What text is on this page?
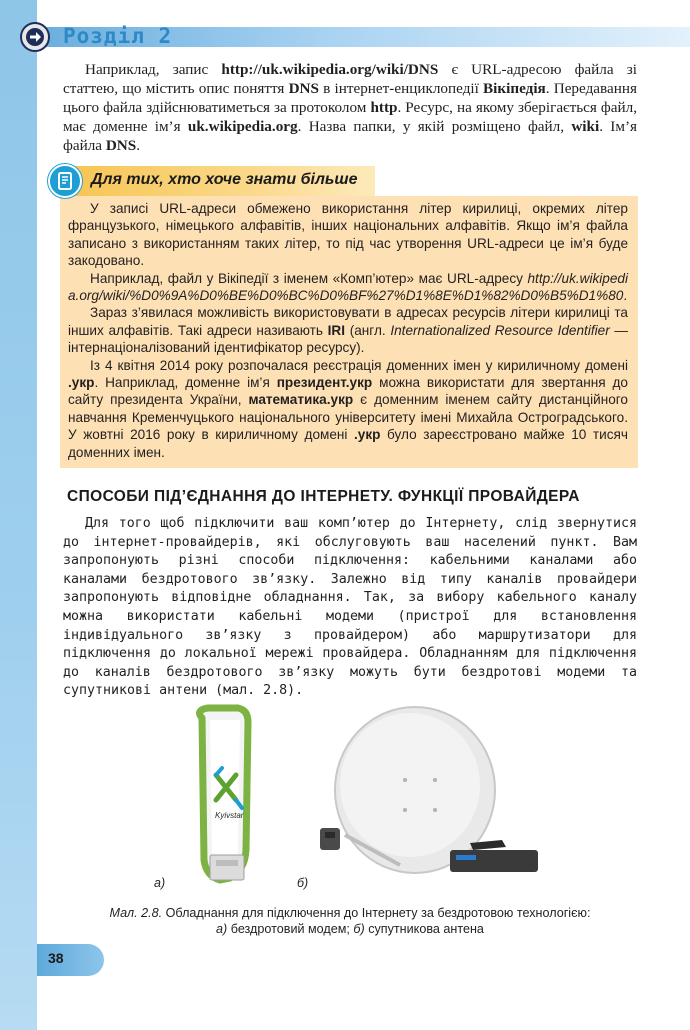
Розділ 2
Наприклад, запис http://uk.wikipedia.org/wiki/DNS є URL-адресою файла зі статтею, що містить опис поняття DNS в інтернет-енциклопедії Вікіпедія. Передавання цього файла здійснюватиметься за протоколом http. Ресурс, на якому зберігається файл, має доменне ім’я uk.wikipedia.org. Назва папки, у якій розміщено файл, wiki. Ім’я файла DNS.
Для тих, хто хоче знати більше

У записі URL-адреси обмежено використання літер кирилиці, окремих літер французького, німецького алфавітів, інших національних алфавітів. Якщо ім’я файла записано з використанням таких літер, то під час утворення URL-адреси це ім’я буде закодовано.

Наприклад, файл у Вікіпедії з іменем «Комп’ютер» має URL-адресу http://uk.wikipedia.org/wiki/%D0%9A%D0%BE%D0%BC%D0%BF%27%D1%8E%D1%82%D0%B5%D1%80.

Зараз з’явилася можливість використовувати в адресах ресурсів літери кирилиці та інших алфавітів. Такі адреси називають IRI (англ. Internationalized Resource Identifier — інтернаціоналізований ідентифікатор ресурсу).

Із 4 квітня 2014 року розпочалася реєстрація доменних імен у кириличному домені .укр. Наприклад, доменне ім’я президент.укр можна використати для звертання до сайту президента України, математика.укр є доменним іменем сайту дистанційного навчання Кременчуцького національного університету імені Михайла Остроградського. У жовтні 2016 року в кириличному домені .укр було зареєстровано майже 10 тисяч доменних імен.

СПОСОБИ ПІД’ЄДНАННЯ ДО ІНТЕРНЕТУ. ФУНКЦІЇ ПРОВАЙДЕРА

Для того щоб підключити ваш комп’ютер до Інтернету, слід звернутися до інтернет-провайдерів, які обслуговують ваш населений пункт. Вам запропонують різні способи підключення: кабельними каналами або каналами бездротового зв’язку. Залежно від типу каналів провайдери запропонують відповідне обладнання. Так, за вибору кабельного каналу можна використати кабельні модеми (пристрої для встановлення індивідуального зв’язку з провайдером) або маршрутизатори для підключення до локальної мережі провайдера. Обладнанням для підключення до каналів бездротового зв’язку можуть бути бездротові модеми та супутникові антени (мал. 2.8).

Kyivstar
а)	б)
Мал. 2.8. Обладнання для підключення до Інтернету за бездротовою технологією:
а) бездротовий модем; б) супутникова антена
38
